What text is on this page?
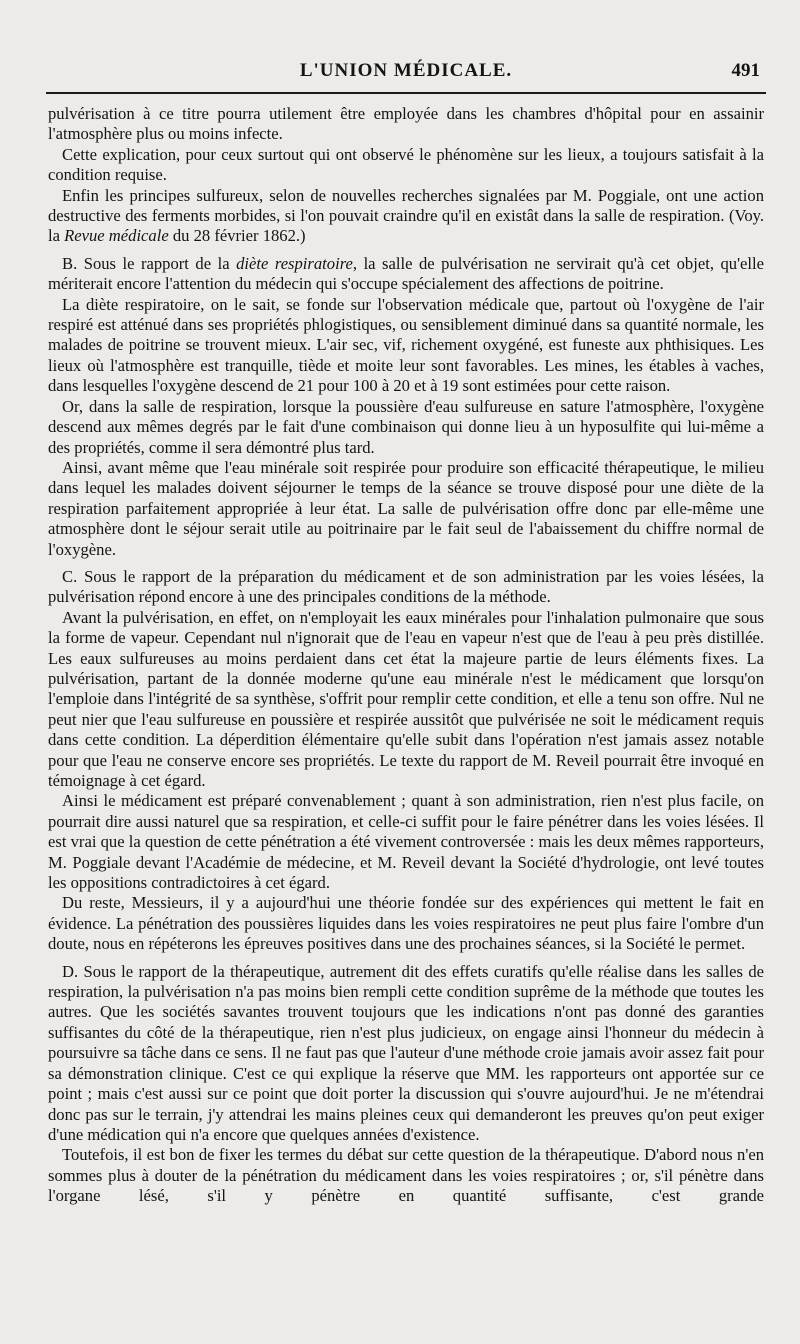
L'UNION MÉDICALE.	491

pulvérisation à ce titre pourra utilement être employée dans les chambres d'hôpital pour en assainir l'atmosphère plus ou moins infecte.

Cette explication, pour ceux surtout qui ont observé le phénomène sur les lieux, a toujours satisfait à la condition requise.

Enfin les principes sulfureux, selon de nouvelles recherches signalées par M. Poggiale, ont une action destructive des ferments morbides, si l'on pouvait craindre qu'il en existât dans la salle de respiration. (Voy. la Revue médicale du 28 février 1862.)

B. Sous le rapport de la diète respiratoire, la salle de pulvérisation ne servirait qu'à cet objet, qu'elle mériterait encore l'attention du médecin qui s'occupe spécialement des affections de poitrine.

La diète respiratoire, on le sait, se fonde sur l'observation médicale que, partout où l'oxygène de l'air respiré est atténué dans ses propriétés phlogistiques, ou sensiblement diminué dans sa quantité normale, les malades de poitrine se trouvent mieux. L'air sec, vif, richement oxygéné, est funeste aux phthisiques. Les lieux où l'atmosphère est tranquille, tiède et moite leur sont favorables. Les mines, les étables à vaches, dans lesquelles l'oxygène descend de 21 pour 100 à 20 et à 19 sont estimées pour cette raison.

Or, dans la salle de respiration, lorsque la poussière d'eau sulfureuse en sature l'atmosphère, l'oxygène descend aux mêmes degrés par le fait d'une combinaison qui donne lieu à un hyposulfite qui lui-même a des propriétés, comme il sera démontré plus tard.

Ainsi, avant même que l'eau minérale soit respirée pour produire son efficacité thérapeutique, le milieu dans lequel les malades doivent séjourner le temps de la séance se trouve disposé pour une diète de la respiration parfaitement appropriée à leur état. La salle de pulvérisation offre donc par elle-même une atmosphère dont le séjour serait utile au poitrinaire par le fait seul de l'abaissement du chiffre normal de l'oxygène.

C. Sous le rapport de la préparation du médicament et de son administration par les voies lésées, la pulvérisation répond encore à une des principales conditions de la méthode.

Avant la pulvérisation, en effet, on n'employait les eaux minérales pour l'inhalation pulmonaire que sous la forme de vapeur. Cependant nul n'ignorait que de l'eau en vapeur n'est que de l'eau à peu près distillée. Les eaux sulfureuses au moins perdaient dans cet état la majeure partie de leurs éléments fixes. La pulvérisation, partant de la donnée moderne qu'une eau minérale n'est le médicament que lorsqu'on l'emploie dans l'intégrité de sa synthèse, s'offrit pour remplir cette condition, et elle a tenu son offre. Nul ne peut nier que l'eau sulfureuse en poussière et respirée aussitôt que pulvérisée ne soit le médicament requis dans cette condition. La déperdition élémentaire qu'elle subit dans l'opération n'est jamais assez notable pour que l'eau ne conserve encore ses propriétés. Le texte du rapport de M. Reveil pourrait être invoqué en témoignage à cet égard.

Ainsi le médicament est préparé convenablement ; quant à son administration, rien n'est plus facile, on pourrait dire aussi naturel que sa respiration, et celle-ci suffit pour le faire pénétrer dans les voies lésées. Il est vrai que la question de cette pénétration a été vivement controversée : mais les deux mêmes rapporteurs, M. Poggiale devant l'Académie de médecine, et M. Reveil devant la Société d'hydrologie, ont levé toutes les oppositions contradictoires à cet égard.

Du reste, Messieurs, il y a aujourd'hui une théorie fondée sur des expériences qui mettent le fait en évidence. La pénétration des poussières liquides dans les voies respiratoires ne peut plus faire l'ombre d'un doute, nous en répéterons les épreuves positives dans une des prochaines séances, si la Société le permet.

D. Sous le rapport de la thérapeutique, autrement dit des effets curatifs qu'elle réalise dans les salles de respiration, la pulvérisation n'a pas moins bien rempli cette condition suprême de la méthode que toutes les autres. Que les sociétés savantes trouvent toujours que les indications n'ont pas donné des garanties suffisantes du côté de la thérapeutique, rien n'est plus judicieux, on engage ainsi l'honneur du médecin à poursuivre sa tâche dans ce sens. Il ne faut pas que l'auteur d'une méthode croie jamais avoir assez fait pour sa démonstration clinique. C'est ce qui explique la réserve que MM. les rapporteurs ont apportée sur ce point ; mais c'est aussi sur ce point que doit porter la discussion qui s'ouvre aujourd'hui. Je ne m'étendrai donc pas sur le terrain, j'y attendrai les mains pleines ceux qui demanderont les preuves qu'on peut exiger d'une médication qui n'a encore que quelques années d'existence.

Toutefois, il est bon de fixer les termes du débat sur cette question de la thérapeutique. D'abord nous n'en sommes plus à douter de la pénétration du médicament dans les voies respiratoires ; or, s'il pénètre dans l'organe lésé, s'il y pénètre en quantité suffisante, c'est grande
